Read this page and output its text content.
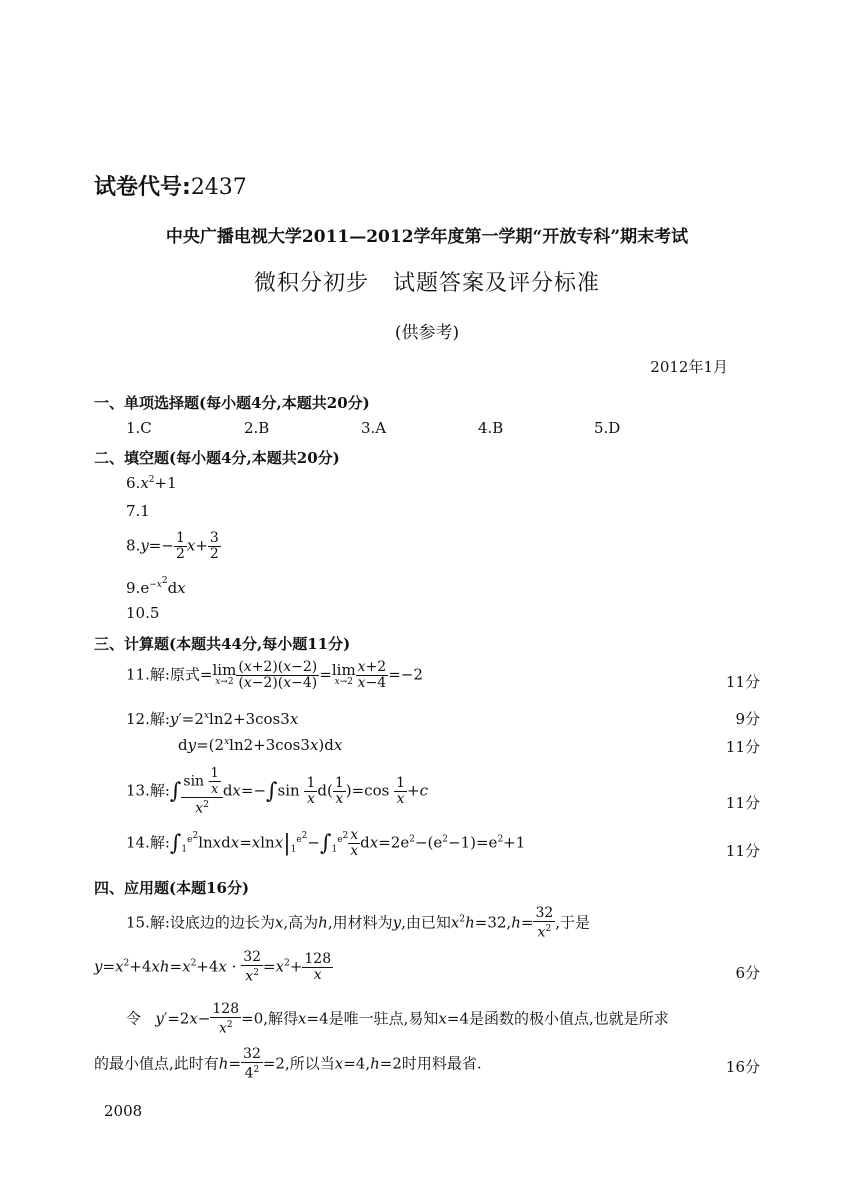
试卷代号:2437
中央广播电视大学2011—2012学年度第一学期“开放专科”期末考试
微积分初步 试题答案及评分标准
(供参考)
2012年1月
一、单项选择题(每小题4分,本题共20分)
1.C	2.B	3.A	4.B	5.D
二、填空题(每小题4分,本题共20分)
$6.x^2+1$
7.1
$8.y=- \frac{1}{2} x+ \frac{3}{2}$
$9.e^{-x^2}dx$
10.5
三、计算题(本题共44分,每小题11分)
11.解:原式=lim
$x\to 2 \frac{(x+2)(x-2)}{(x-2)(x-4)} =\lim$
$x\to 2 \frac{x+2}{x-4} =-2$	11分
12.解$:y'=2^x\ln 2+3\cos 3x$	9分
$dy=(2^x\ln 2+3\cos 3x)dx$	11分
13.解:∫ $\frac{\sin \frac{1}{x}}{x^2} dx=-\int\sin \frac{1}{x} d( \frac{1}{x} )=\cos \frac{1}{x} +c$
11分
14.解$:\int_1^{e^2}lnxdx=xlnx|_1^{e^2}-\int_1^{e^2} \frac{x}{x} dx=2e^2-(e^2-1)=e^2+1$	11分
四、应用题(本题16分)
15.解:设底边的边长为x,高为h,用材料为y,由已知$x^2h=32,h= \frac{32}{x^2}$ ,于是
$y=x^2+4xh=x^2+4x \cdot \frac{32}{x^2} =x^2+ \frac{128}{x}$	6分
令 $y'=2x- \frac{128}{x^2} =0$,解得x=4是唯一驻点,易知x=4是函数的极小值点,也就是所求
的最小值点,此时有$h= \frac{32}{4^2} =2$,所以当x=4,h=2时用料最省.	16分
2008
